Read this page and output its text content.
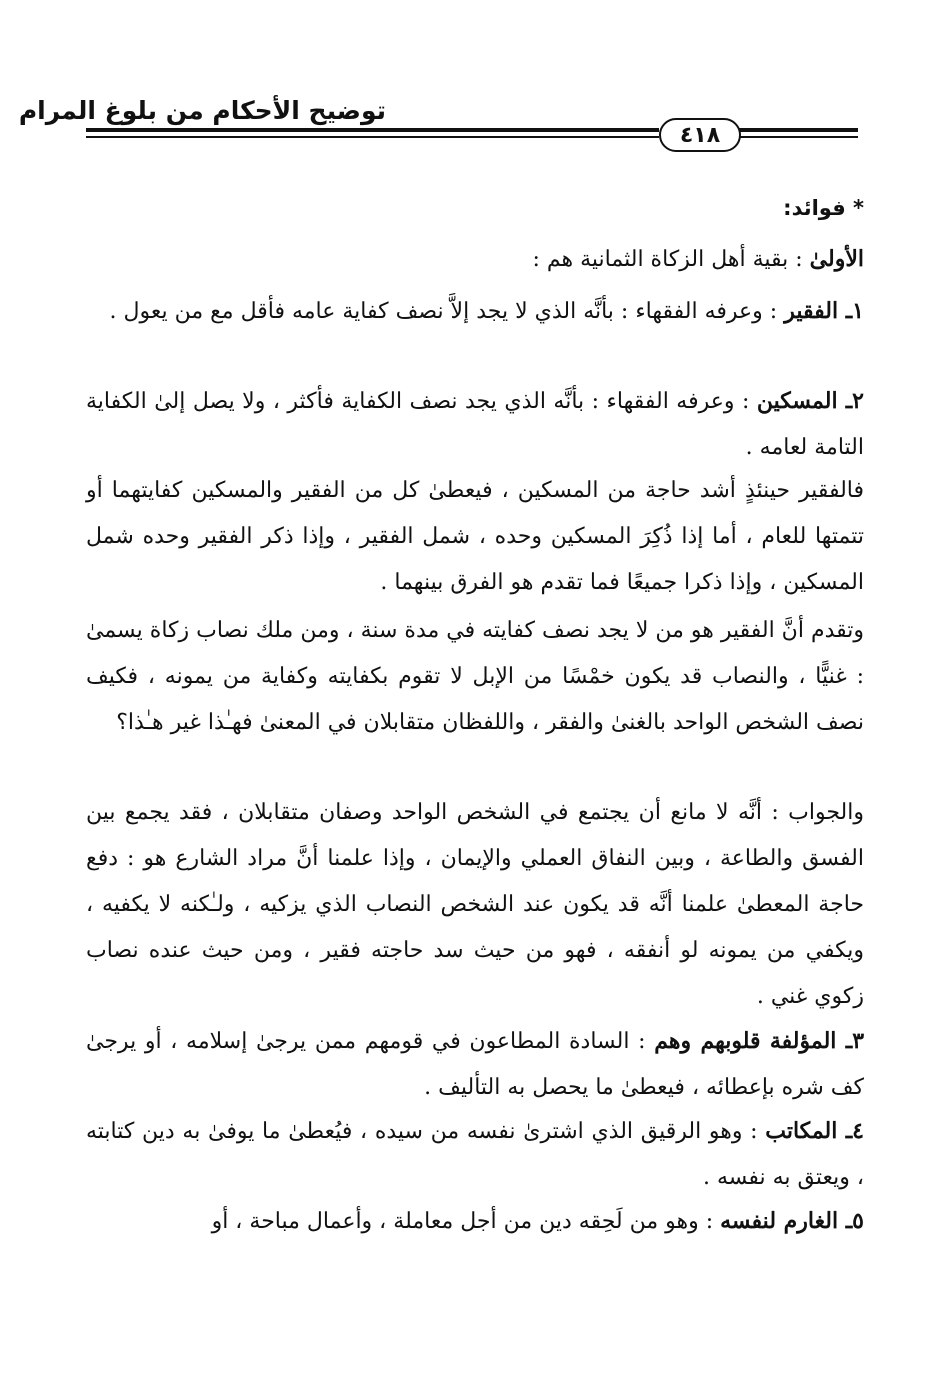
توضيح الأحكام من بلوغ المرام
٤١٨
* فوائد:
الأولىٰ : بقية أهل الزكاة الثمانية هم :
١ـ الفقير : وعرفه الفقهاء : بأنَّه الذي لا يجد إلاَّ نصف كفاية عامه فأقل مع من يعول .
٢ـ المسكين : وعرفه الفقهاء : بأنَّه الذي يجد نصف الكفاية فأكثر ، ولا يصل إلىٰ الكفاية التامة لعامه .
فالفقير حينئذٍ أشد حاجة من المسكين ، فيعطىٰ كل من الفقير والمسكين كفايتهما أو تتمتها للعام ، أما إذا ذُكِرَ المسكين وحده ، شمل الفقير ، وإذا ذكر الفقير وحده شمل المسكين ، وإذا ذكرا جميعًا فما تقدم هو الفرق بينهما .
وتقدم أنَّ الفقير هو من لا يجد نصف كفايته في مدة سنة ، ومن ملك نصاب زكاة يسمىٰ : غنيًّا ، والنصاب قد يكون خمْسًا من الإبل لا تقوم بكفايته وكفاية من يمونه ، فكيف نصف الشخص الواحد بالغنىٰ والفقر ، واللفظان متقابلان في المعنىٰ فهـٰذا غير هـٰذا؟
والجواب : أنَّه لا مانع أن يجتمع في الشخص الواحد وصفان متقابلان ، فقد يجمع بين الفسق والطاعة ، وبين النفاق العملي والإيمان ، وإذا علمنا أنَّ مراد الشارع هو : دفع حاجة المعطىٰ علمنا أنَّه قد يكون عند الشخص النصاب الذي يزكيه ، ولـٰكنه لا يكفيه ، ويكفي من يمونه لو أنفقه ، فهو من حيث سد حاجته فقير ، ومن حيث عنده نصاب زكوي غني .
٣ـ المؤلفة قلوبهم وهم : السادة المطاعون في قومهم ممن يرجىٰ إسلامه ، أو يرجىٰ كف شره بإعطائه ، فيعطىٰ ما يحصل به التأليف .
٤ـ المكاتب : وهو الرقيق الذي اشترىٰ نفسه من سيده ، فيُعطىٰ ما يوفىٰ به دين كتابته ، ويعتق به نفسه .
٥ـ الغارم لنفسه : وهو من لَحِقه دين من أجل معاملة ، وأعمال مباحة ، أو
